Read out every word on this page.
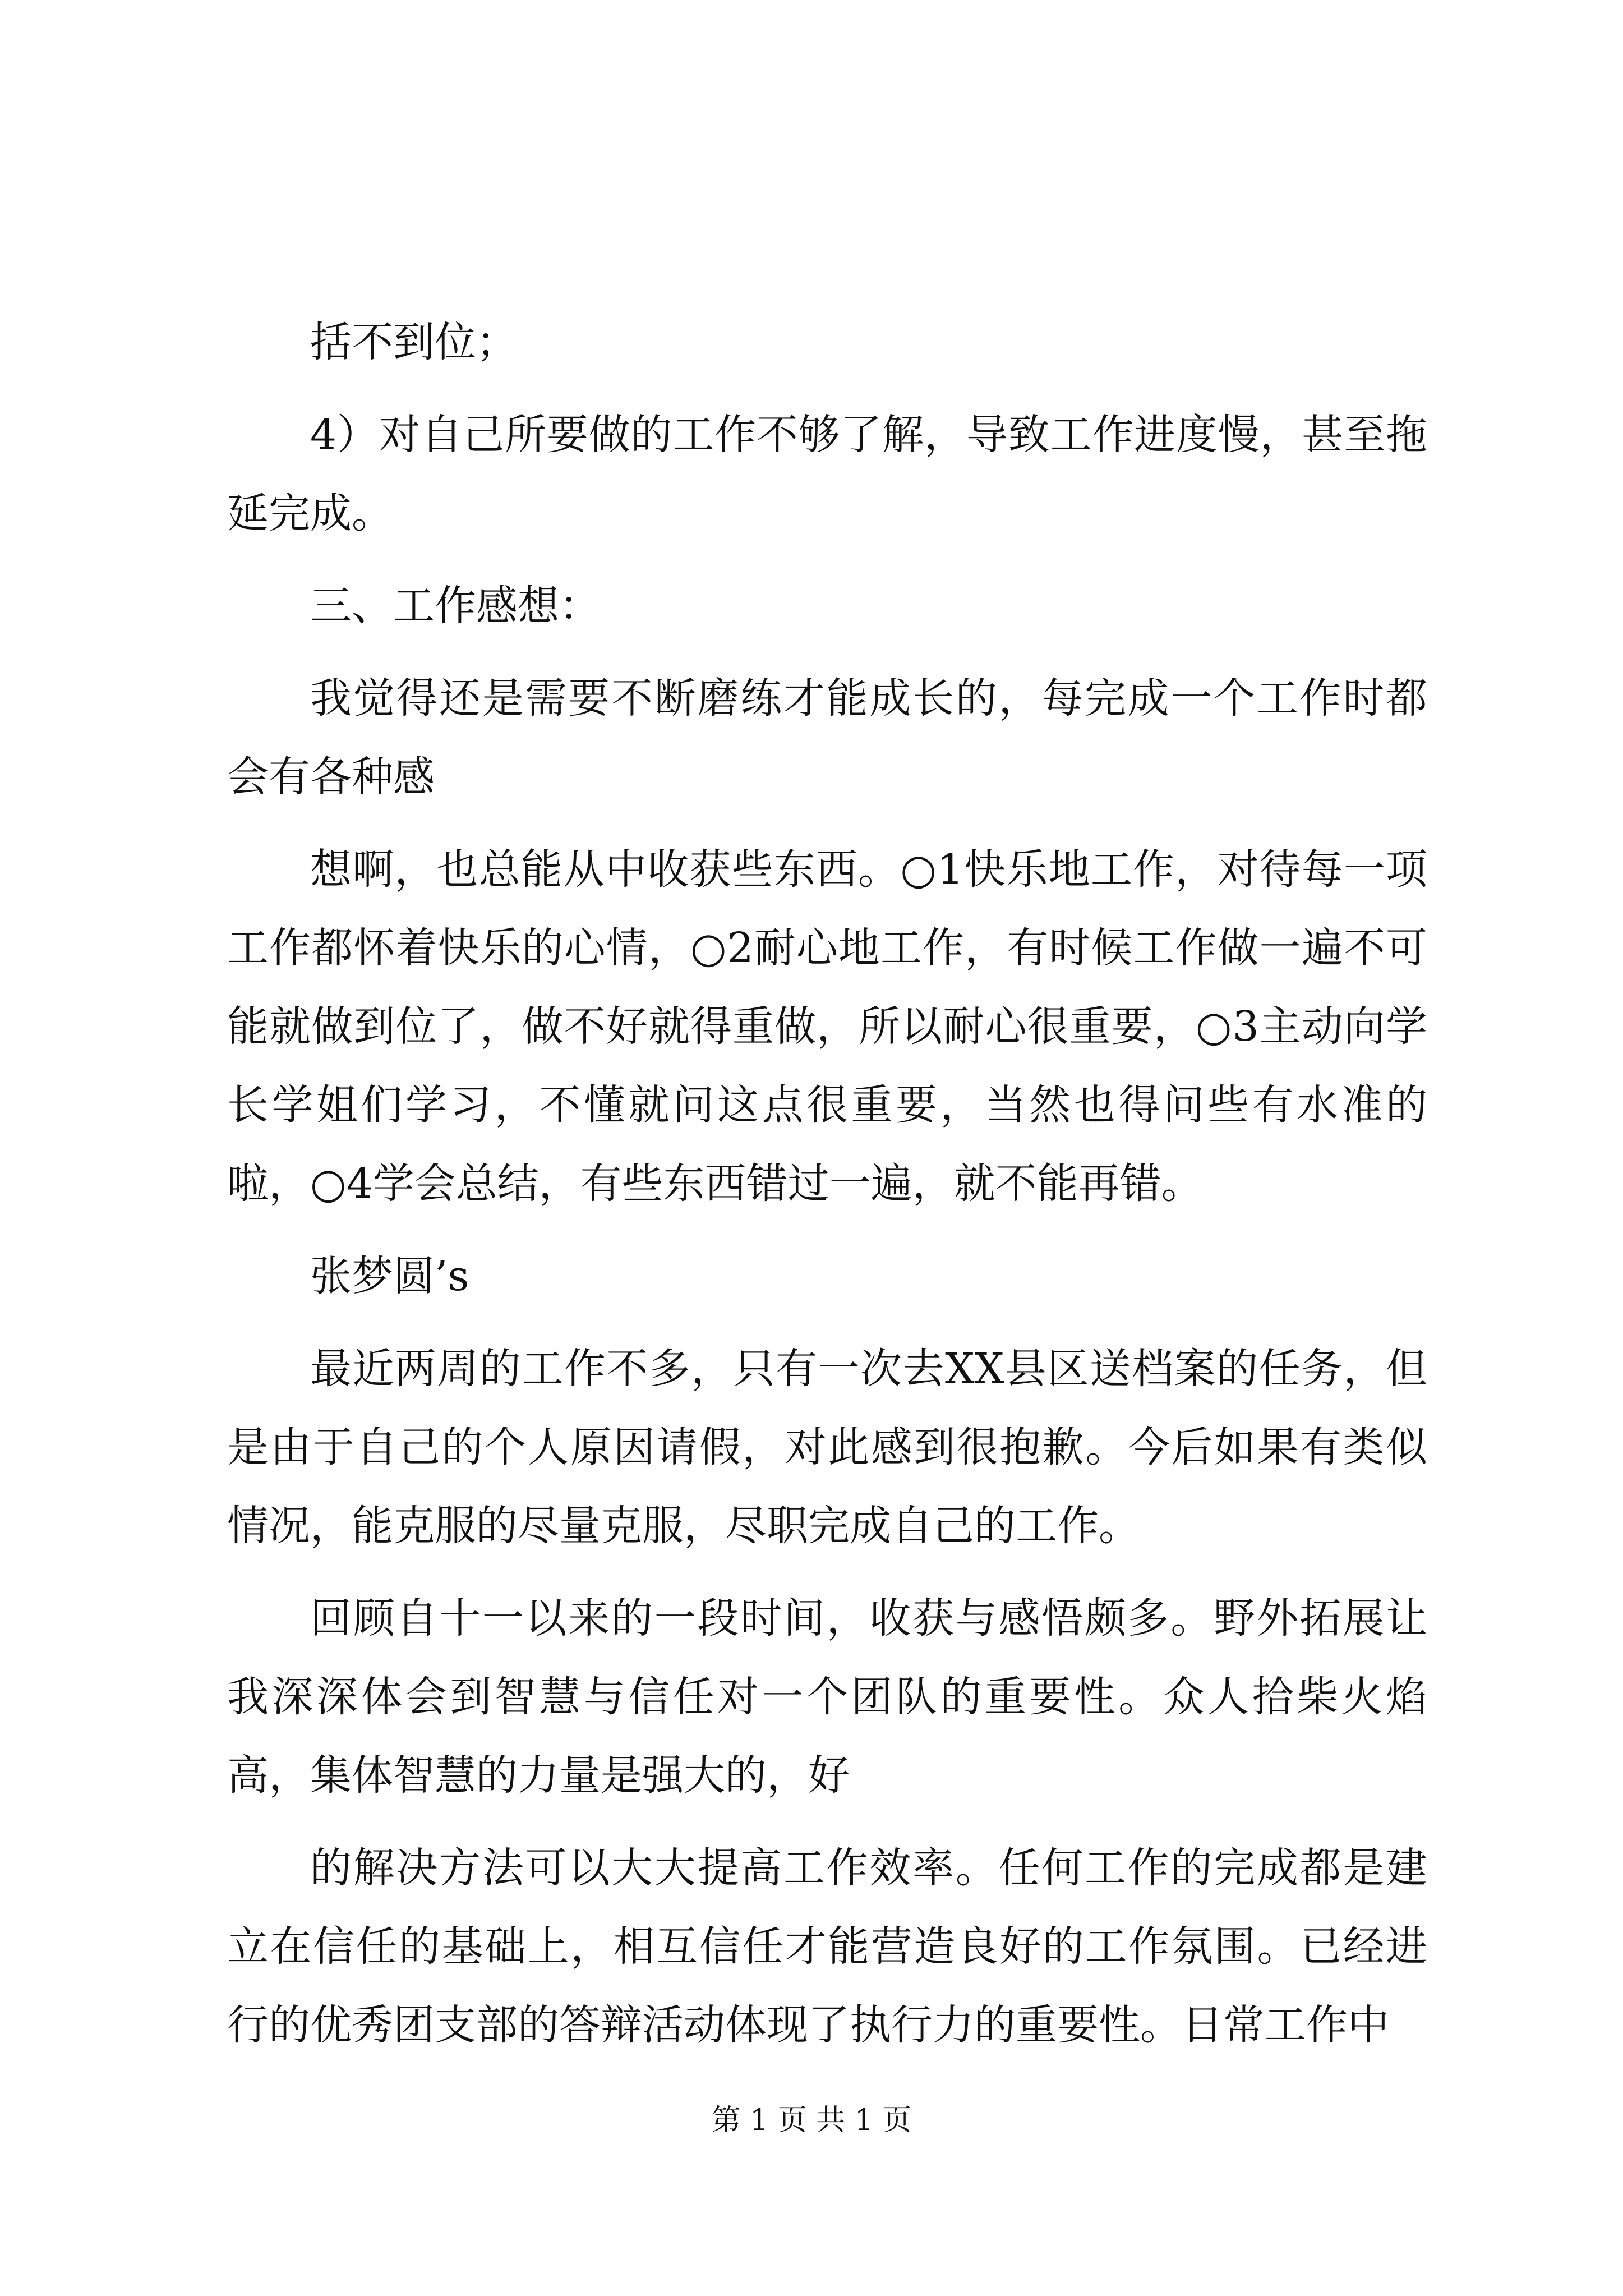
括不到位；

4）对自己所要做的工作不够了解，导致工作进度慢，甚至拖延完成。

三、工作感想：

我觉得还是需要不断磨练才能成长的，每完成一个工作时都会有各种感

想啊，也总能从中收获些东西。○1快乐地工作，对待每一项工作都怀着快乐的心情，○2耐心地工作，有时候工作做一遍不可能就做到位了，做不好就得重做，所以耐心很重要，○3主动向学长学姐们学习，不懂就问这点很重要，当然也得问些有水准的啦，○4学会总结，有些东西错过一遍，就不能再错。

张梦圆’s

最近两周的工作不多，只有一次去XX县区送档案的任务，但是由于自己的个人原因请假，对此感到很抱歉。今后如果有类似情况，能克服的尽量克服，尽职完成自己的工作。

回顾自十一以来的一段时间，收获与感悟颇多。野外拓展让我深深体会到智慧与信任对一个团队的重要性。众人拾柴火焰高，集体智慧的力量是强大的，好

的解决方法可以大大提高工作效率。任何工作的完成都是建立在信任的基础上，相互信任才能营造良好的工作氛围。已经进行的优秀团支部的答辩活动体现了执行力的重要性。日常工作中

第 1 页 共 1 页
